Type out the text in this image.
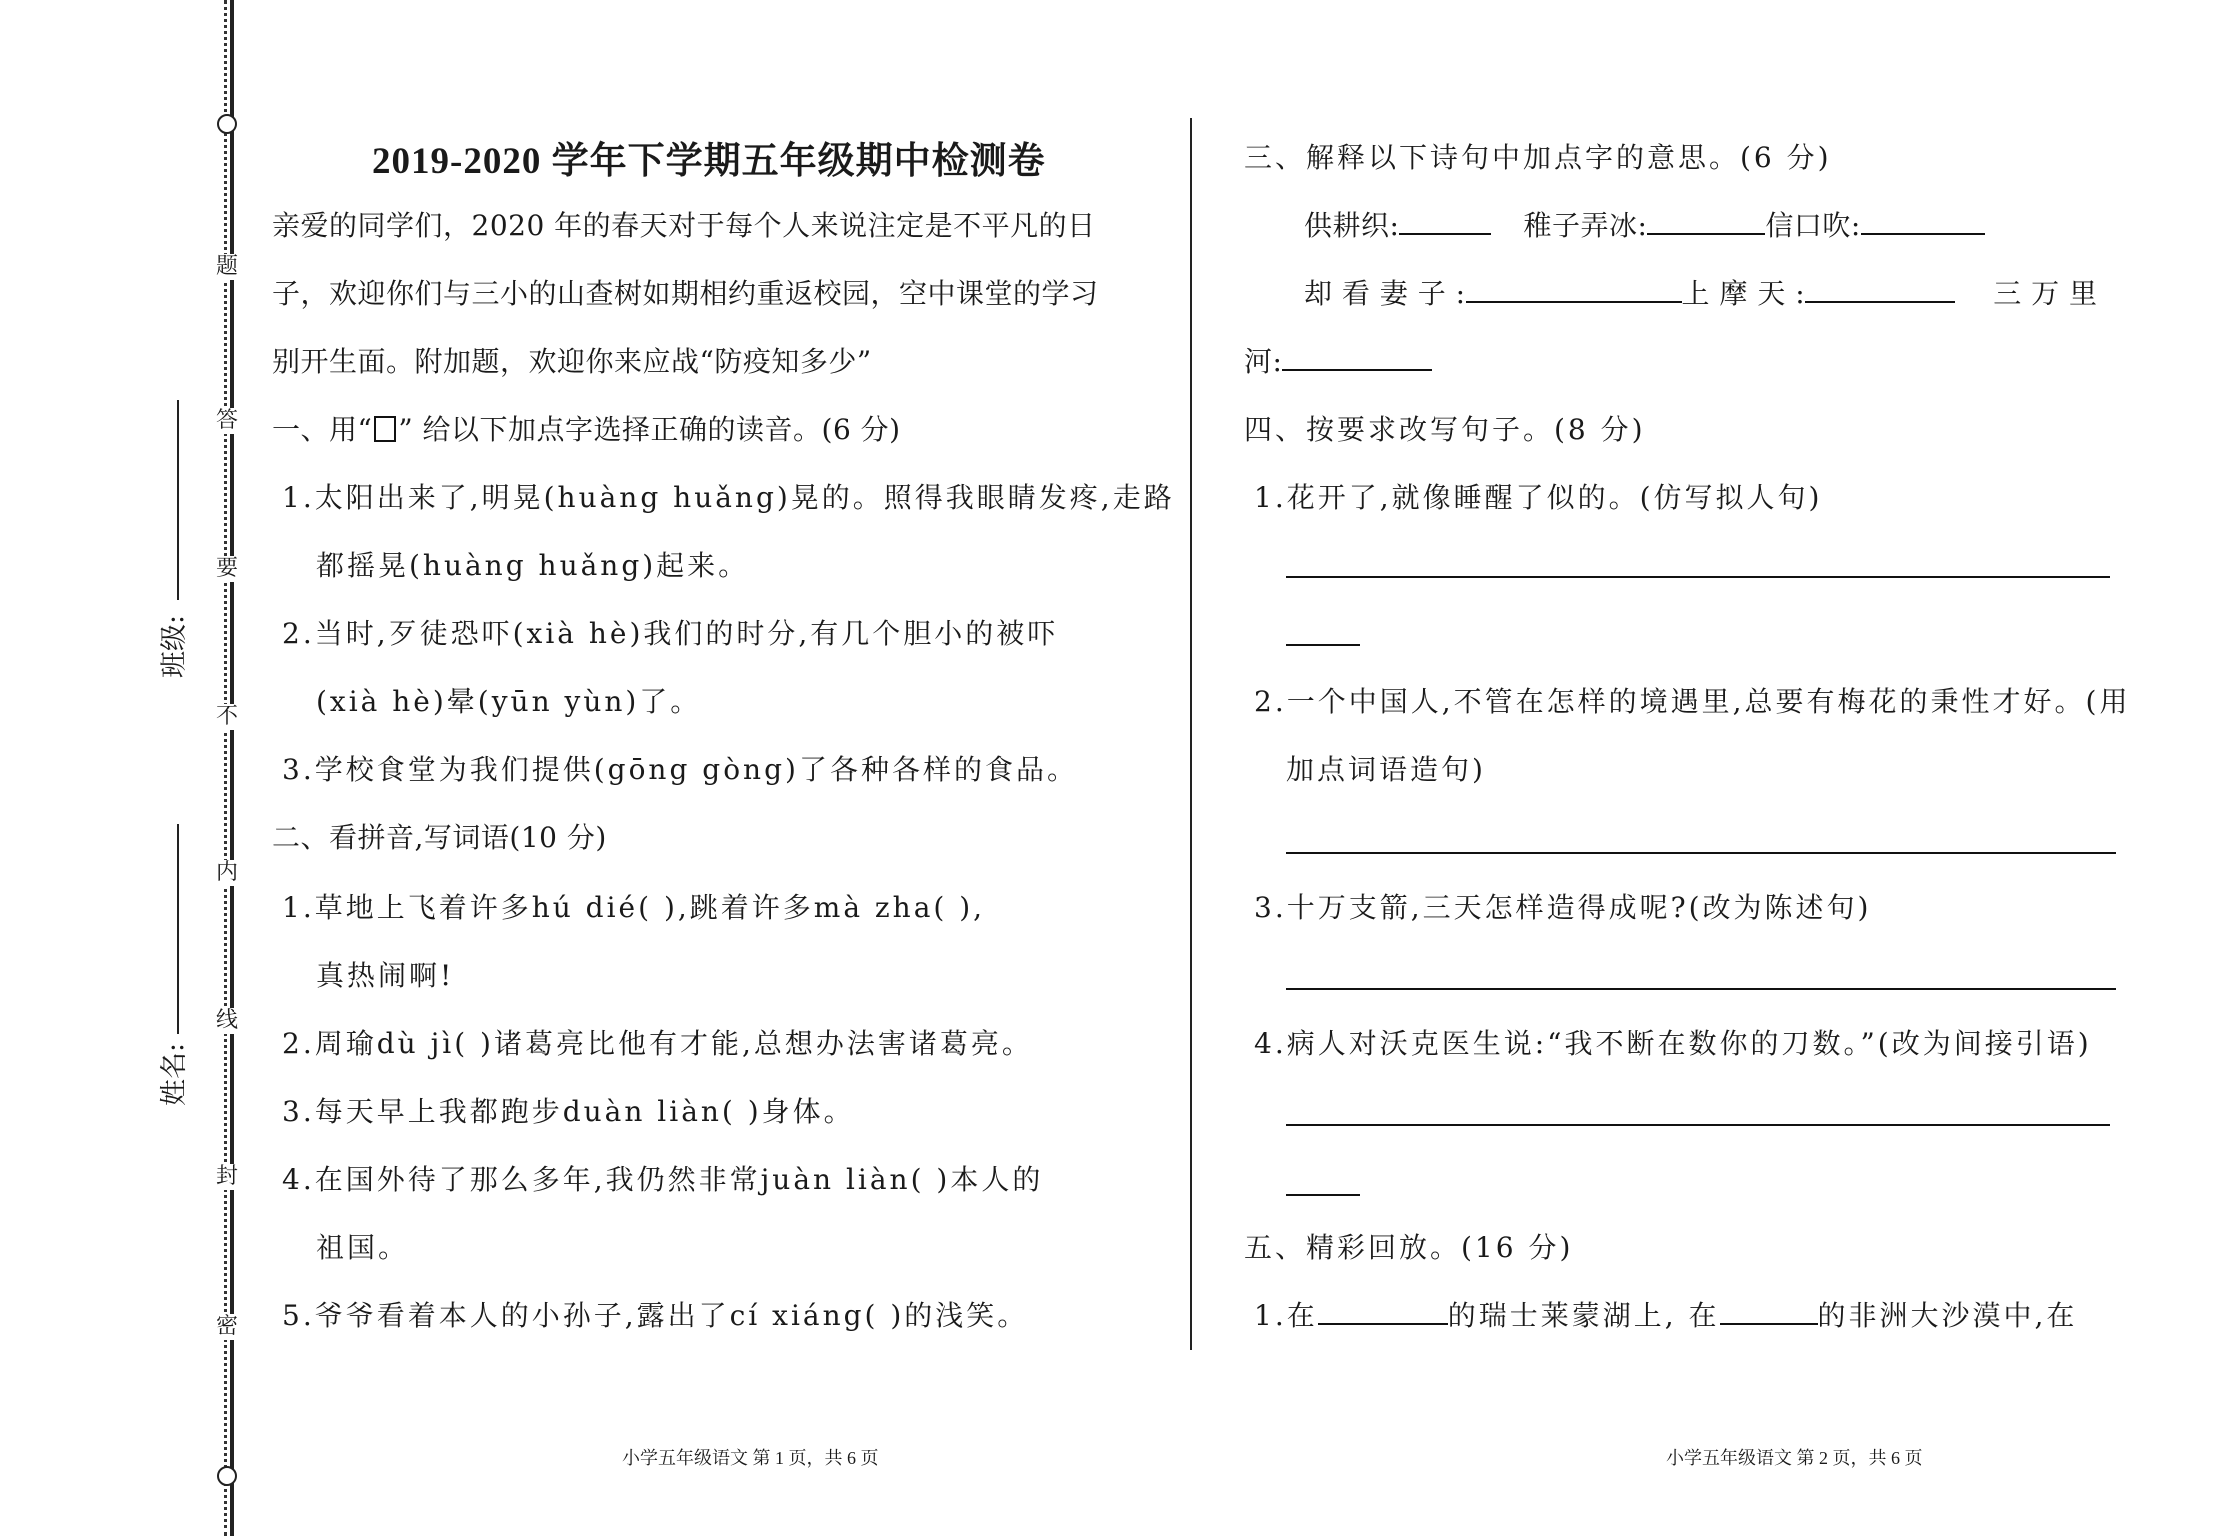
题
答
要
不
内
线
封
密
班级:
姓名:
2019-2020 学年下学期五年级期中检测卷
亲爱的同学们，2020 年的春天对于每个人来说注定是不平凡的日
子，欢迎你们与三小的山查树如期相约重返校园，空中课堂的学习
别开生面。附加题，欢迎你来应战“防疫知多少”
一、用“ ” 给以下加点字选择正确的读音。(6 分)
1.太阳出来了,明晃(huàng huǎng)晃的。照得我眼睛发疼,走路
都摇晃(huàng huǎng)起来。
2.当时,歹徒恐吓(xià hè)我们的时分,有几个胆小的被吓
(xià hè)晕(yūn yùn)了。
3.学校食堂为我们提供(gōng gòng)了各种各样的食品。
二、看拼音,写词语(10 分)
1.草地上飞着许多hú dié( ),跳着许多mà zha( ),
真热闹啊!
2.周瑜dù jì( )诸葛亮比他有才能,总想办法害诸葛亮。
3.每天早上我都跑步duàn liàn( )身体。
4.在国外待了那么多年,我仍然非常juàn liàn( )本人的
祖国。
5.爷爷看着本人的小孙子,露出了cí xiáng( )的浅笑。
小学五年级语文 第 1 页，共 6 页
三、解释以下诗句中加点字的意思。(6 分)
供耕织:	稚子弄冰:	信口吹:
却 看 妻 子 :	上 摩 天 :	三 万 里
河:
四、按要求改写句子。(8 分)
1.花开了,就像睡醒了似的。(仿写拟人句)
2.一个中国人,不管在怎样的境遇里,总要有梅花的秉性才好。(用
加点词语造句)
3.十万支箭,三天怎样造得成呢?(改为陈述句)
4.病人对沃克医生说:“我不断在数你的刀数。”(改为间接引语)
五、精彩回放。(16 分)
1.在	的瑞士莱蒙湖上, 在	的非洲大沙漠中,在
小学五年级语文 第 2 页，共 6 页
